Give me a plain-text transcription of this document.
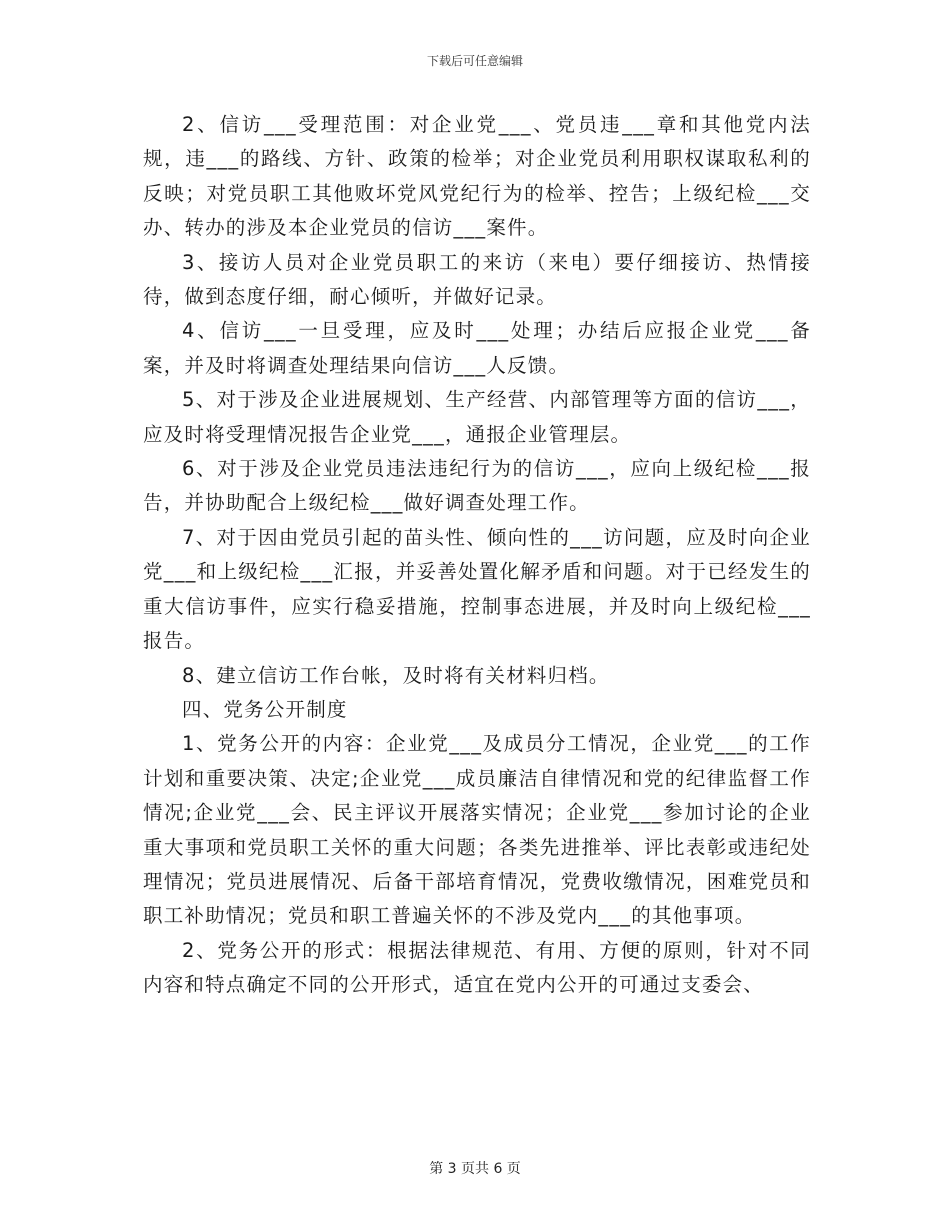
下载后可任意编辑

2、信访___受理范围：对企业党___、党员违___章和其他党内法规，违___的路线、方针、政策的检举；对企业党员利用职权谋取私利的反映；对党员职工其他败坏党风党纪行为的检举、控告；上级纪检___交办、转办的涉及本企业党员的信访___案件。

3、接访人员对企业党员职工的来访（来电）要仔细接访、热情接待，做到态度仔细，耐心倾听，并做好记录。

4、信访___一旦受理，应及时___处理；办结后应报企业党___备案，并及时将调查处理结果向信访___人反馈。

5、对于涉及企业进展规划、生产经营、内部管理等方面的信访___，应及时将受理情况报告企业党___，通报企业管理层。

6、对于涉及企业党员违法违纪行为的信访___，应向上级纪检___报告，并协助配合上级纪检___做好调查处理工作。

7、对于因由党员引起的苗头性、倾向性的___访问题，应及时向企业党___和上级纪检___汇报，并妥善处置化解矛盾和问题。对于已经发生的重大信访事件，应实行稳妥措施，控制事态进展，并及时向上级纪检___报告。

8、建立信访工作台帐，及时将有关材料归档。

四、党务公开制度

1、党务公开的内容：企业党___及成员分工情况，企业党___的工作计划和重要决策、决定;企业党___成员廉洁自律情况和党的纪律监督工作情况;企业党___会、民主评议开展落实情况；企业党___参加讨论的企业重大事项和党员职工关怀的重大问题；各类先进推举、评比表彰或违纪处理情况；党员进展情况、后备干部培育情况，党费收缴情况，困难党员和职工补助情况；党员和职工普遍关怀的不涉及党内___的其他事项。

2、党务公开的形式：根据法律规范、有用、方便的原则，针对不同内容和特点确定不同的公开形式，适宜在党内公开的可通过支委会、

第 3 页共 6 页
